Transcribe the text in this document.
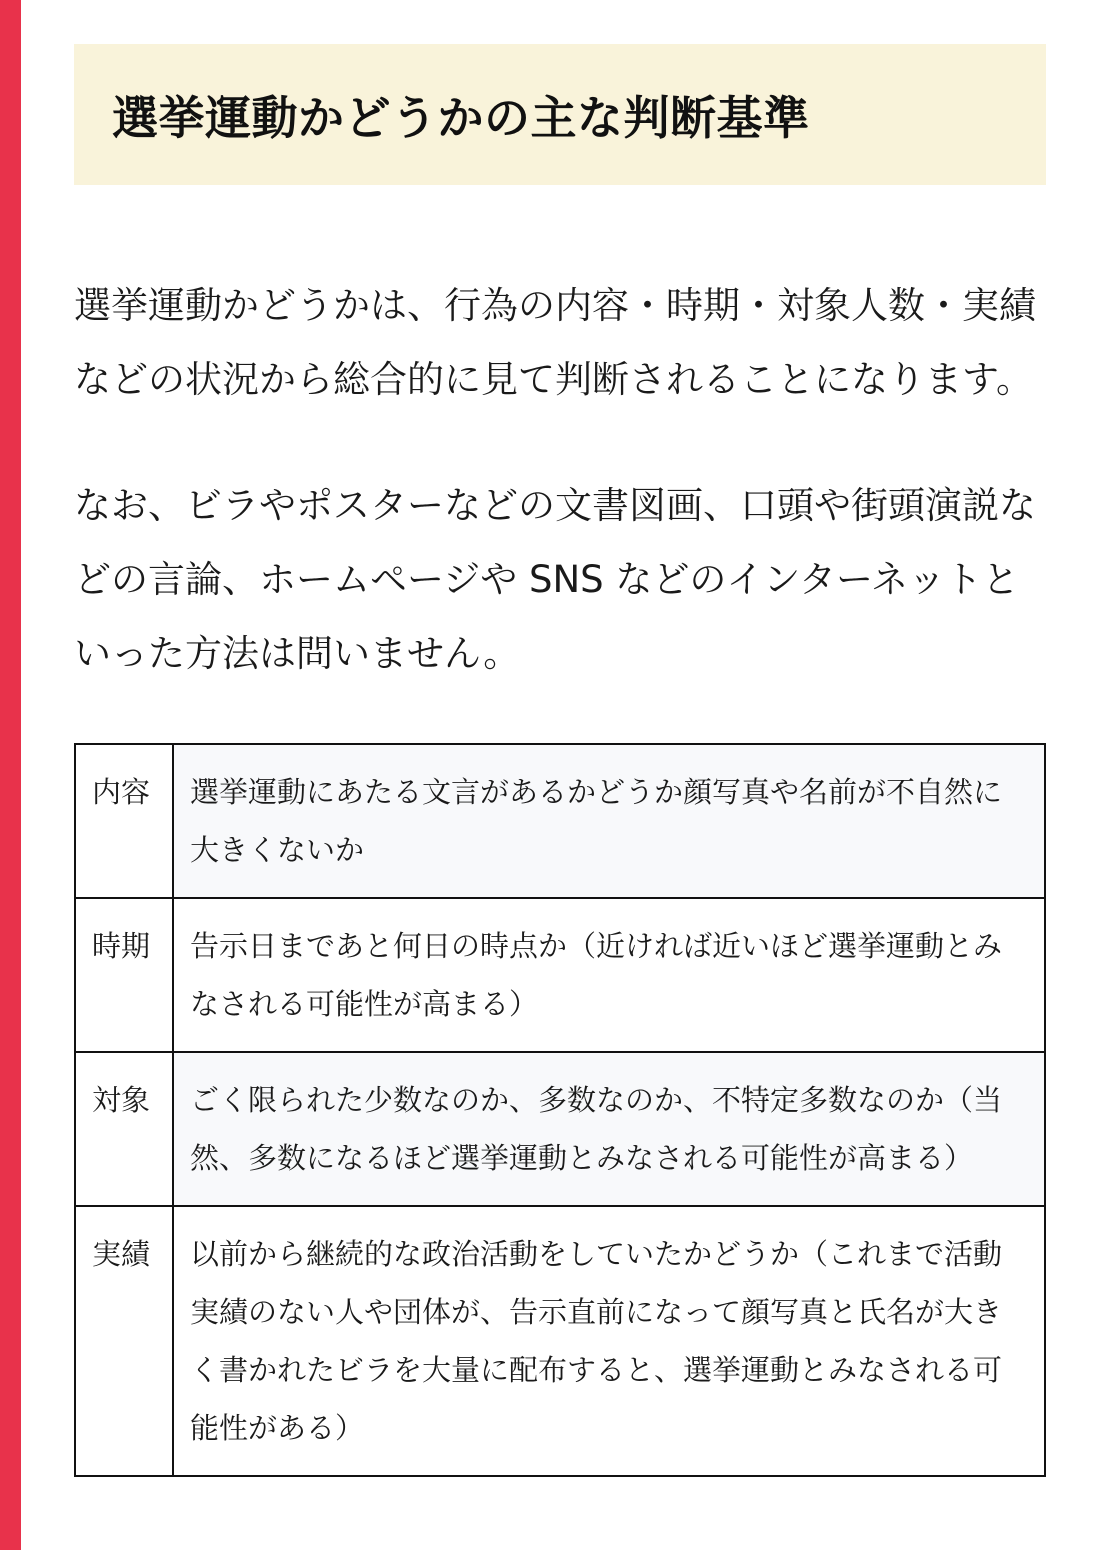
選挙運動かどうかの主な判断基準

選挙運動かどうかは、行為の内容・時期・対象人数・実績などの状況から総合的に見て判断されることになります。

なお、ビラやポスターなどの文書図画、口頭や街頭演説などの言論、ホームページや SNS などのインターネットといった方法は問いません。

内容	選挙運動にあたる文言があるかどうか顔写真や名前が不自然に大きくないか
時期	告示日まであと何日の時点か（近ければ近いほど選挙運動とみなされる可能性が高まる）
対象	ごく限られた少数なのか、多数なのか、不特定多数なのか（当然、多数になるほど選挙運動とみなされる可能性が高まる）
実績	以前から継続的な政治活動をしていたかどうか（これまで活動実績のない人や団体が、告示直前になって顔写真と氏名が大きく書かれたビラを大量に配布すると、選挙運動とみなされる可能性がある）
